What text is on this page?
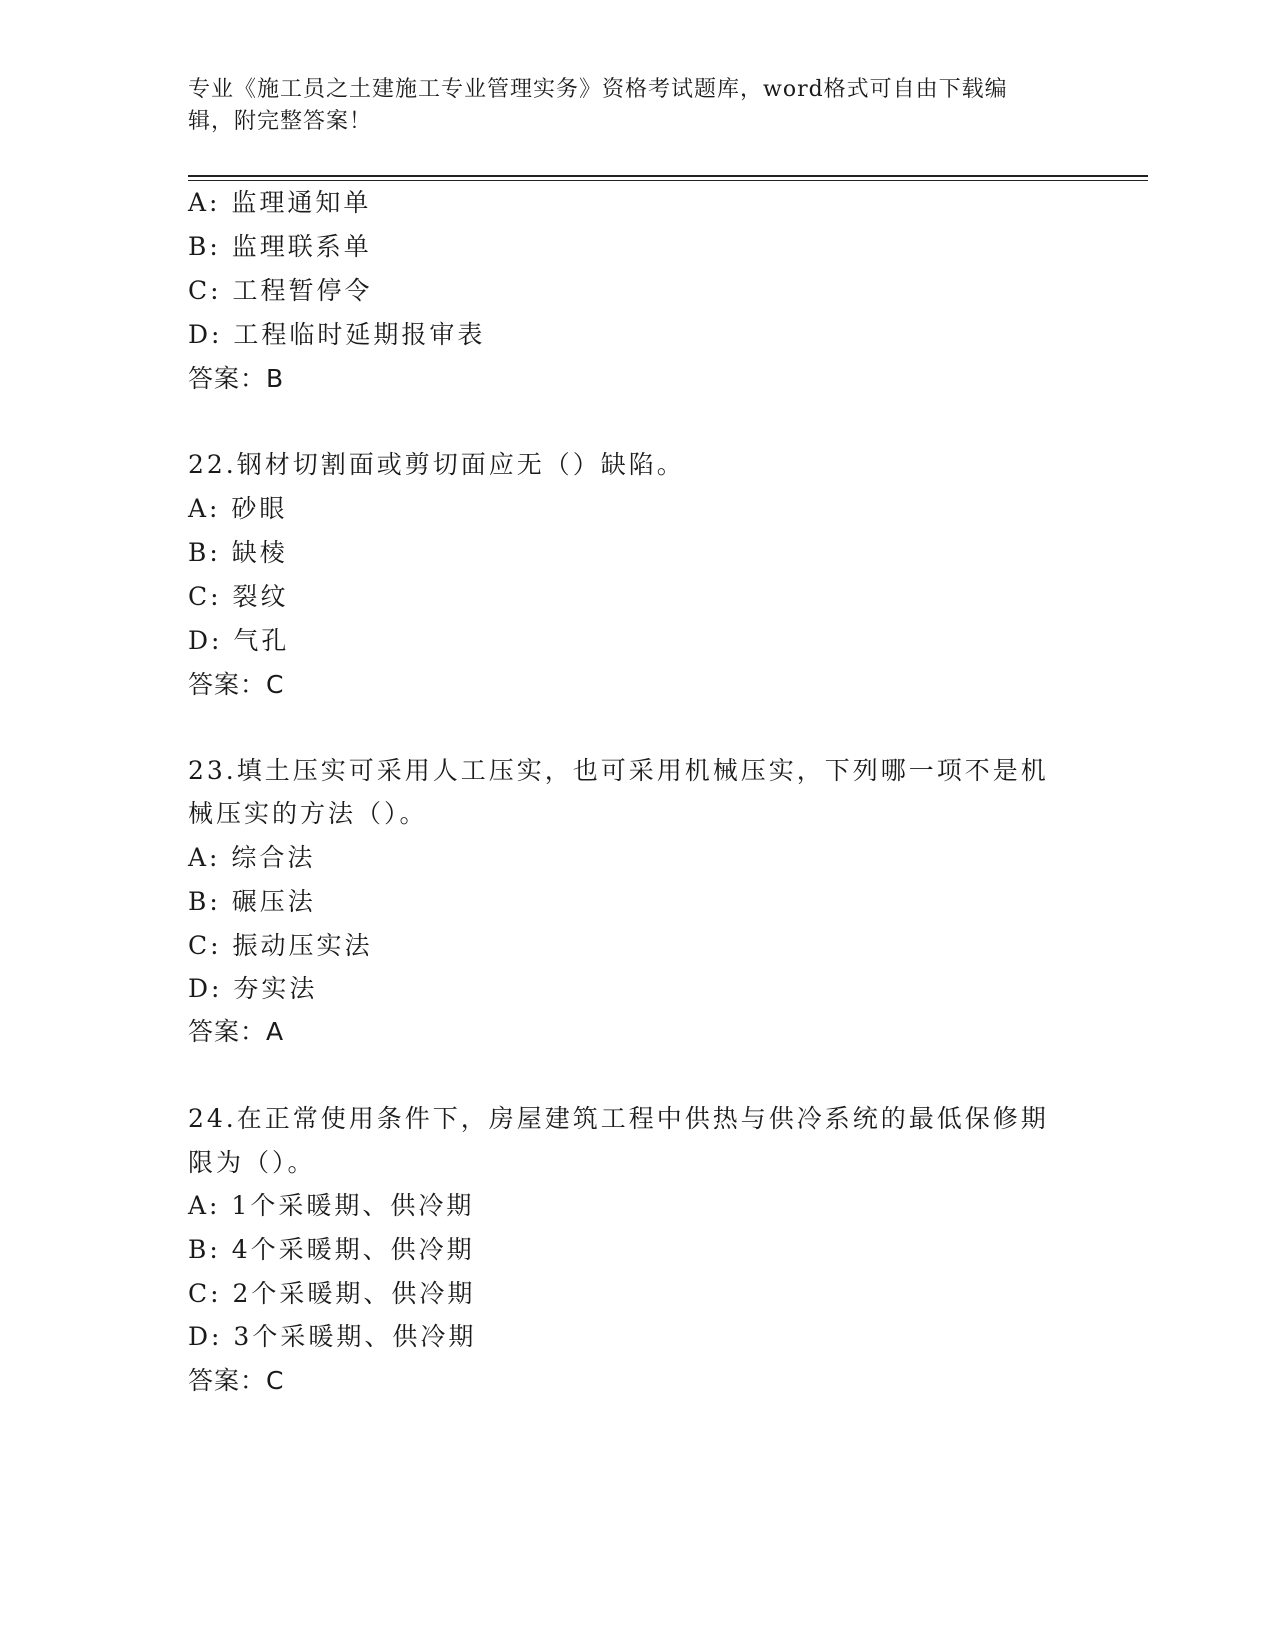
专业《施工员之土建施工专业管理实务》资格考试题库，word格式可自由下载编
辑，附完整答案！
A: 监理通知单
B: 监理联系单
C: 工程暂停令
D: 工程临时延期报审表
答案：B
22.钢材切割面或剪切面应无（）缺陷。
A: 砂眼
B: 缺棱
C: 裂纹
D: 气孔
答案：C
23.填土压实可采用人工压实，也可采用机械压实，下列哪一项不是机
械压实的方法（）。
A: 综合法
B: 碾压法
C: 振动压实法
D: 夯实法
答案：A
24.在正常使用条件下，房屋建筑工程中供热与供冷系统的最低保修期
限为（）。
A: 1个采暖期、供冷期
B: 4个采暖期、供冷期
C: 2个采暖期、供冷期
D: 3个采暖期、供冷期
答案：C
